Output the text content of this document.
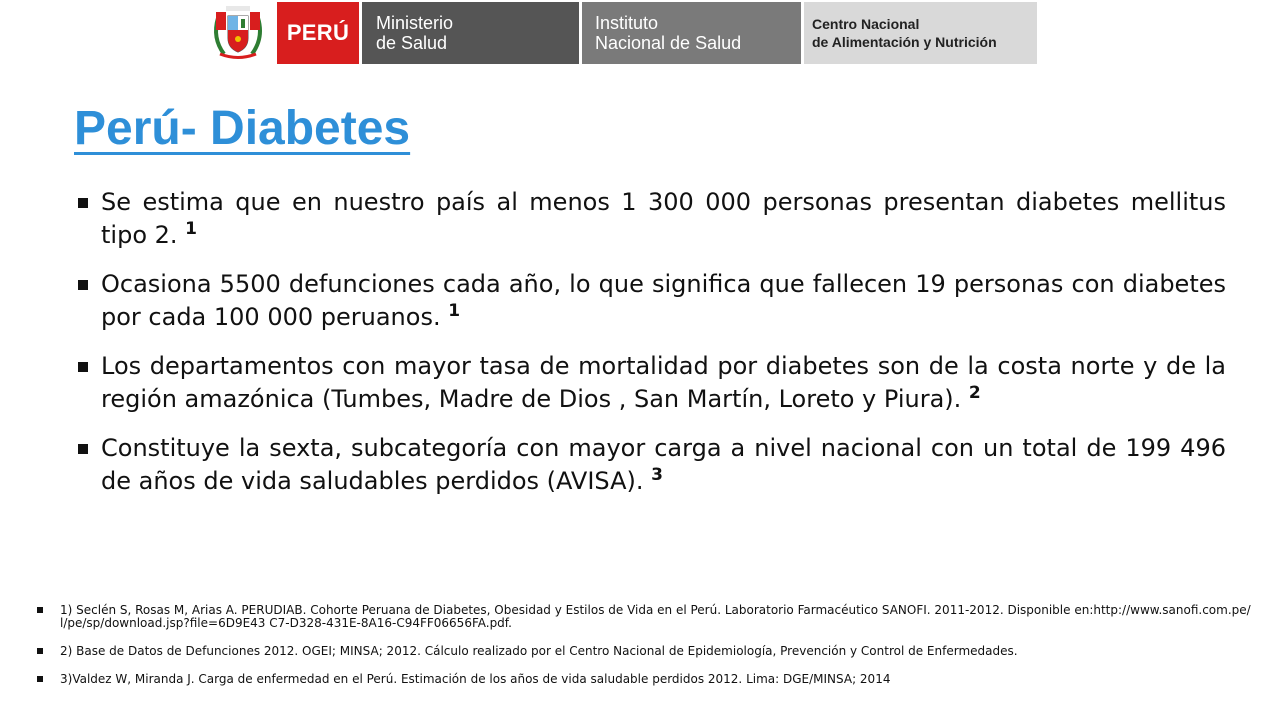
PERÚ Ministerio
de Salud
Instituto
Nacional de Salud
Centro Nacional
de Alimentación y Nutrición
Perú- Diabetes
Se estima que en nuestro país al menos 1 300 000 personas presentan diabetes mellitus tipo 2. $^1$
Ocasiona 5500 defunciones cada año, lo que significa que fallecen 19 personas con diabetes por cada 100 000 peruanos. $^1$
Los departamentos con mayor tasa de mortalidad por diabetes son de la costa norte y de la región amazónica (Tumbes, Madre de Dios , San Martín, Loreto y Piura). $^2$
Constituye la sexta, subcategoría con mayor carga a nivel nacional con un total de 199 496 de años de vida saludables perdidos (AVISA). $^3$
1) Seclén S, Rosas M, Arias A. PERUDIAB. Cohorte Peruana de Diabetes, Obesidad y Estilos de Vida en el Perú. Laboratorio Farmacéutico SANOFI. 2011-2012. Disponible en:http://www.sanofi.com.pe/l/pe/sp/download.jsp?file=6D9E43 C7-D328-431E-8A16-C94FF06656FA.pdf.
2) Base de Datos de Defunciones 2012. OGEI; MINSA; 2012. Cálculo realizado por el Centro Nacional de Epidemiología, Prevención y Control de Enfermedades.
3)Valdez W, Miranda J. Carga de enfermedad en el Perú. Estimación de los años de vida saludable perdidos 2012. Lima: DGE/MINSA; 2014
